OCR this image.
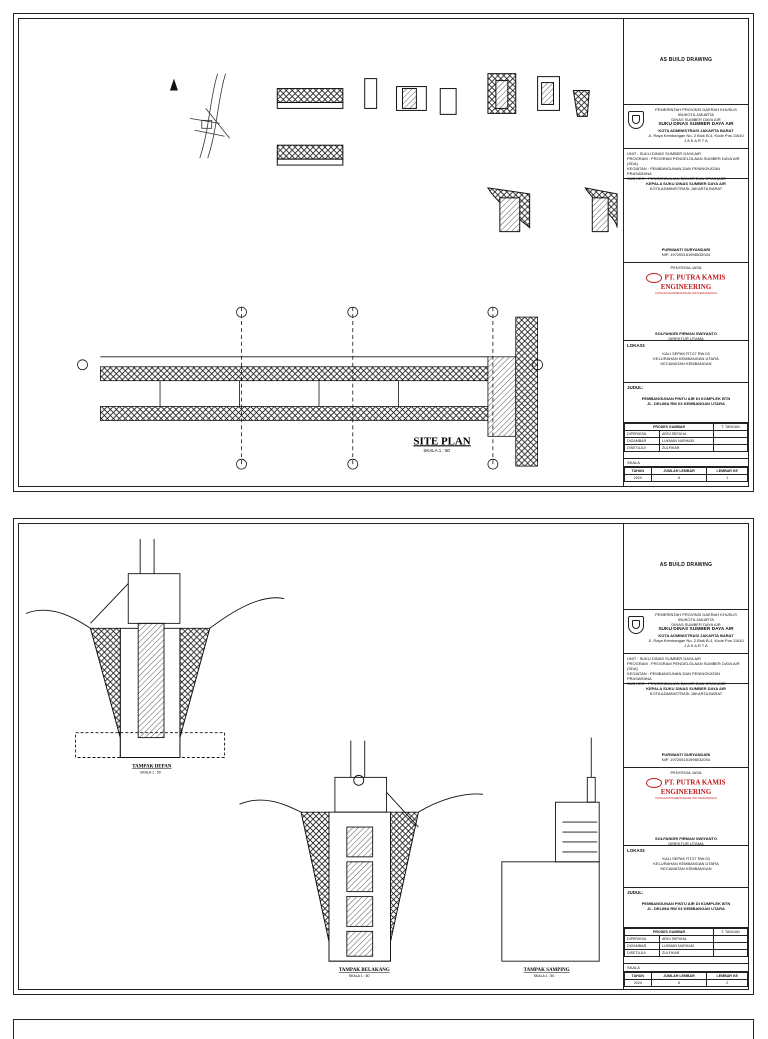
SITE PLAN
SKALA 1 : 50
AS BUILD DRAWING
PEMERINTAH PROVINSI DAERAH KHUSUS IBUKOTA JAKARTA
DINAS SUMBER DAYA AIR
SUKU DINAS SUMBER DAYA AIR
KOTA ADMINISTRASI JAKARTA BARAT
Jl. Raya Kembangan No. 2 Blok B-4, Kode Pos 11610
J A K A R T A
UNIT : SUKU DINAS SUMBER DAYA AIR
PROGRAM : PROGRAM PENGELOLAAN SUMBER DAYA AIR (SDA)
KEGIATAN : PEMBANGUNAN DAN PENINGKATAN PRASARANA
SUB KEG : PENGENDALIAN BANJIR DAN DRAINASE
KEPALA SUKU DINAS SUMBER DAYA AIR
KOTA ADMINISTRASI JAKARTA BARAT
PURWANTI SURYANDARI
NIP. 197205151998032004
PENYEDIA JASA
PT. PUTRA KAMIS ENGINEERING
KONSULTAN PERENCANAAN DAN PENGAWASAN
SOLFANDRI FIRMAN SWIYANTO
DIREKTUR UTAMA
LOKASI:
KALI SEPAK RT.07 RW.03
KELURAHAN KEMBANGAN UTARA
KECAMATAN KEMBANGAN
JUDUL:
PEMBANGUNAN PINTU AIR DI KOMPLEK BTN
JL. DELIMA RW 03 KEMBANGAN UTARA
PROSES GAMBAR		T. TANGAN
DIPERIKSA	ARDI SEPUHA	
DIGAMBAR	LUKMAN NURHADI	
DISETUJUI	ZULFIKAR	
SKALA
TAHUN	JUMLAH LEMBAR	LEMBAR KE
2024	8	1
TAMPAK DEPAN
SKALA 1 : 50
TAMPAK BELAKANG
SKALA 1 : 50
TAMPAK SAMPING
SKALA 1 : 50
AS BUILD DRAWING
PEMERINTAH PROVINSI DAERAH KHUSUS IBUKOTA JAKARTA
DINAS SUMBER DAYA AIR
SUKU DINAS SUMBER DAYA AIR
KOTA ADMINISTRASI JAKARTA BARAT
Jl. Raya Kembangan No. 2 Blok B-4, Kode Pos 11610
J A K A R T A
UNIT : SUKU DINAS SUMBER DAYA AIR
PROGRAM : PROGRAM PENGELOLAAN SUMBER DAYA AIR (SDA)
KEGIATAN : PEMBANGUNAN DAN PENINGKATAN PRASARANA
SUB KEG : PENGENDALIAN BANJIR DAN DRAINASE
KEPALA SUKU DINAS SUMBER DAYA AIR
KOTA ADMINISTRASI JAKARTA BARAT
PURWANTI SURYANDARI
NIP. 197205151998032004
PENYEDIA JASA
PT. PUTRA KAMIS ENGINEERING
KONSULTAN PERENCANAAN DAN PENGAWASAN
SOLFANDRI FIRMAN SWIYANTO
DIREKTUR UTAMA
LOKASI:
KALI SEPAK RT.07 RW.03
KELURAHAN KEMBANGAN UTARA
KECAMATAN KEMBANGAN
JUDUL:
PEMBANGUNAN PINTU AIR DI KOMPLEK BTN
JL. DELIMA RW 03 KEMBANGAN UTARA
PROSES GAMBAR		T. TANGAN
DIPERIKSA	ARDI SEPUHA	
DIGAMBAR	LUKMAN NURHADI	
DISETUJUI	ZULFIKAR	
SKALA
TAHUN	JUMLAH LEMBAR	LEMBAR KE
2024	8	2
